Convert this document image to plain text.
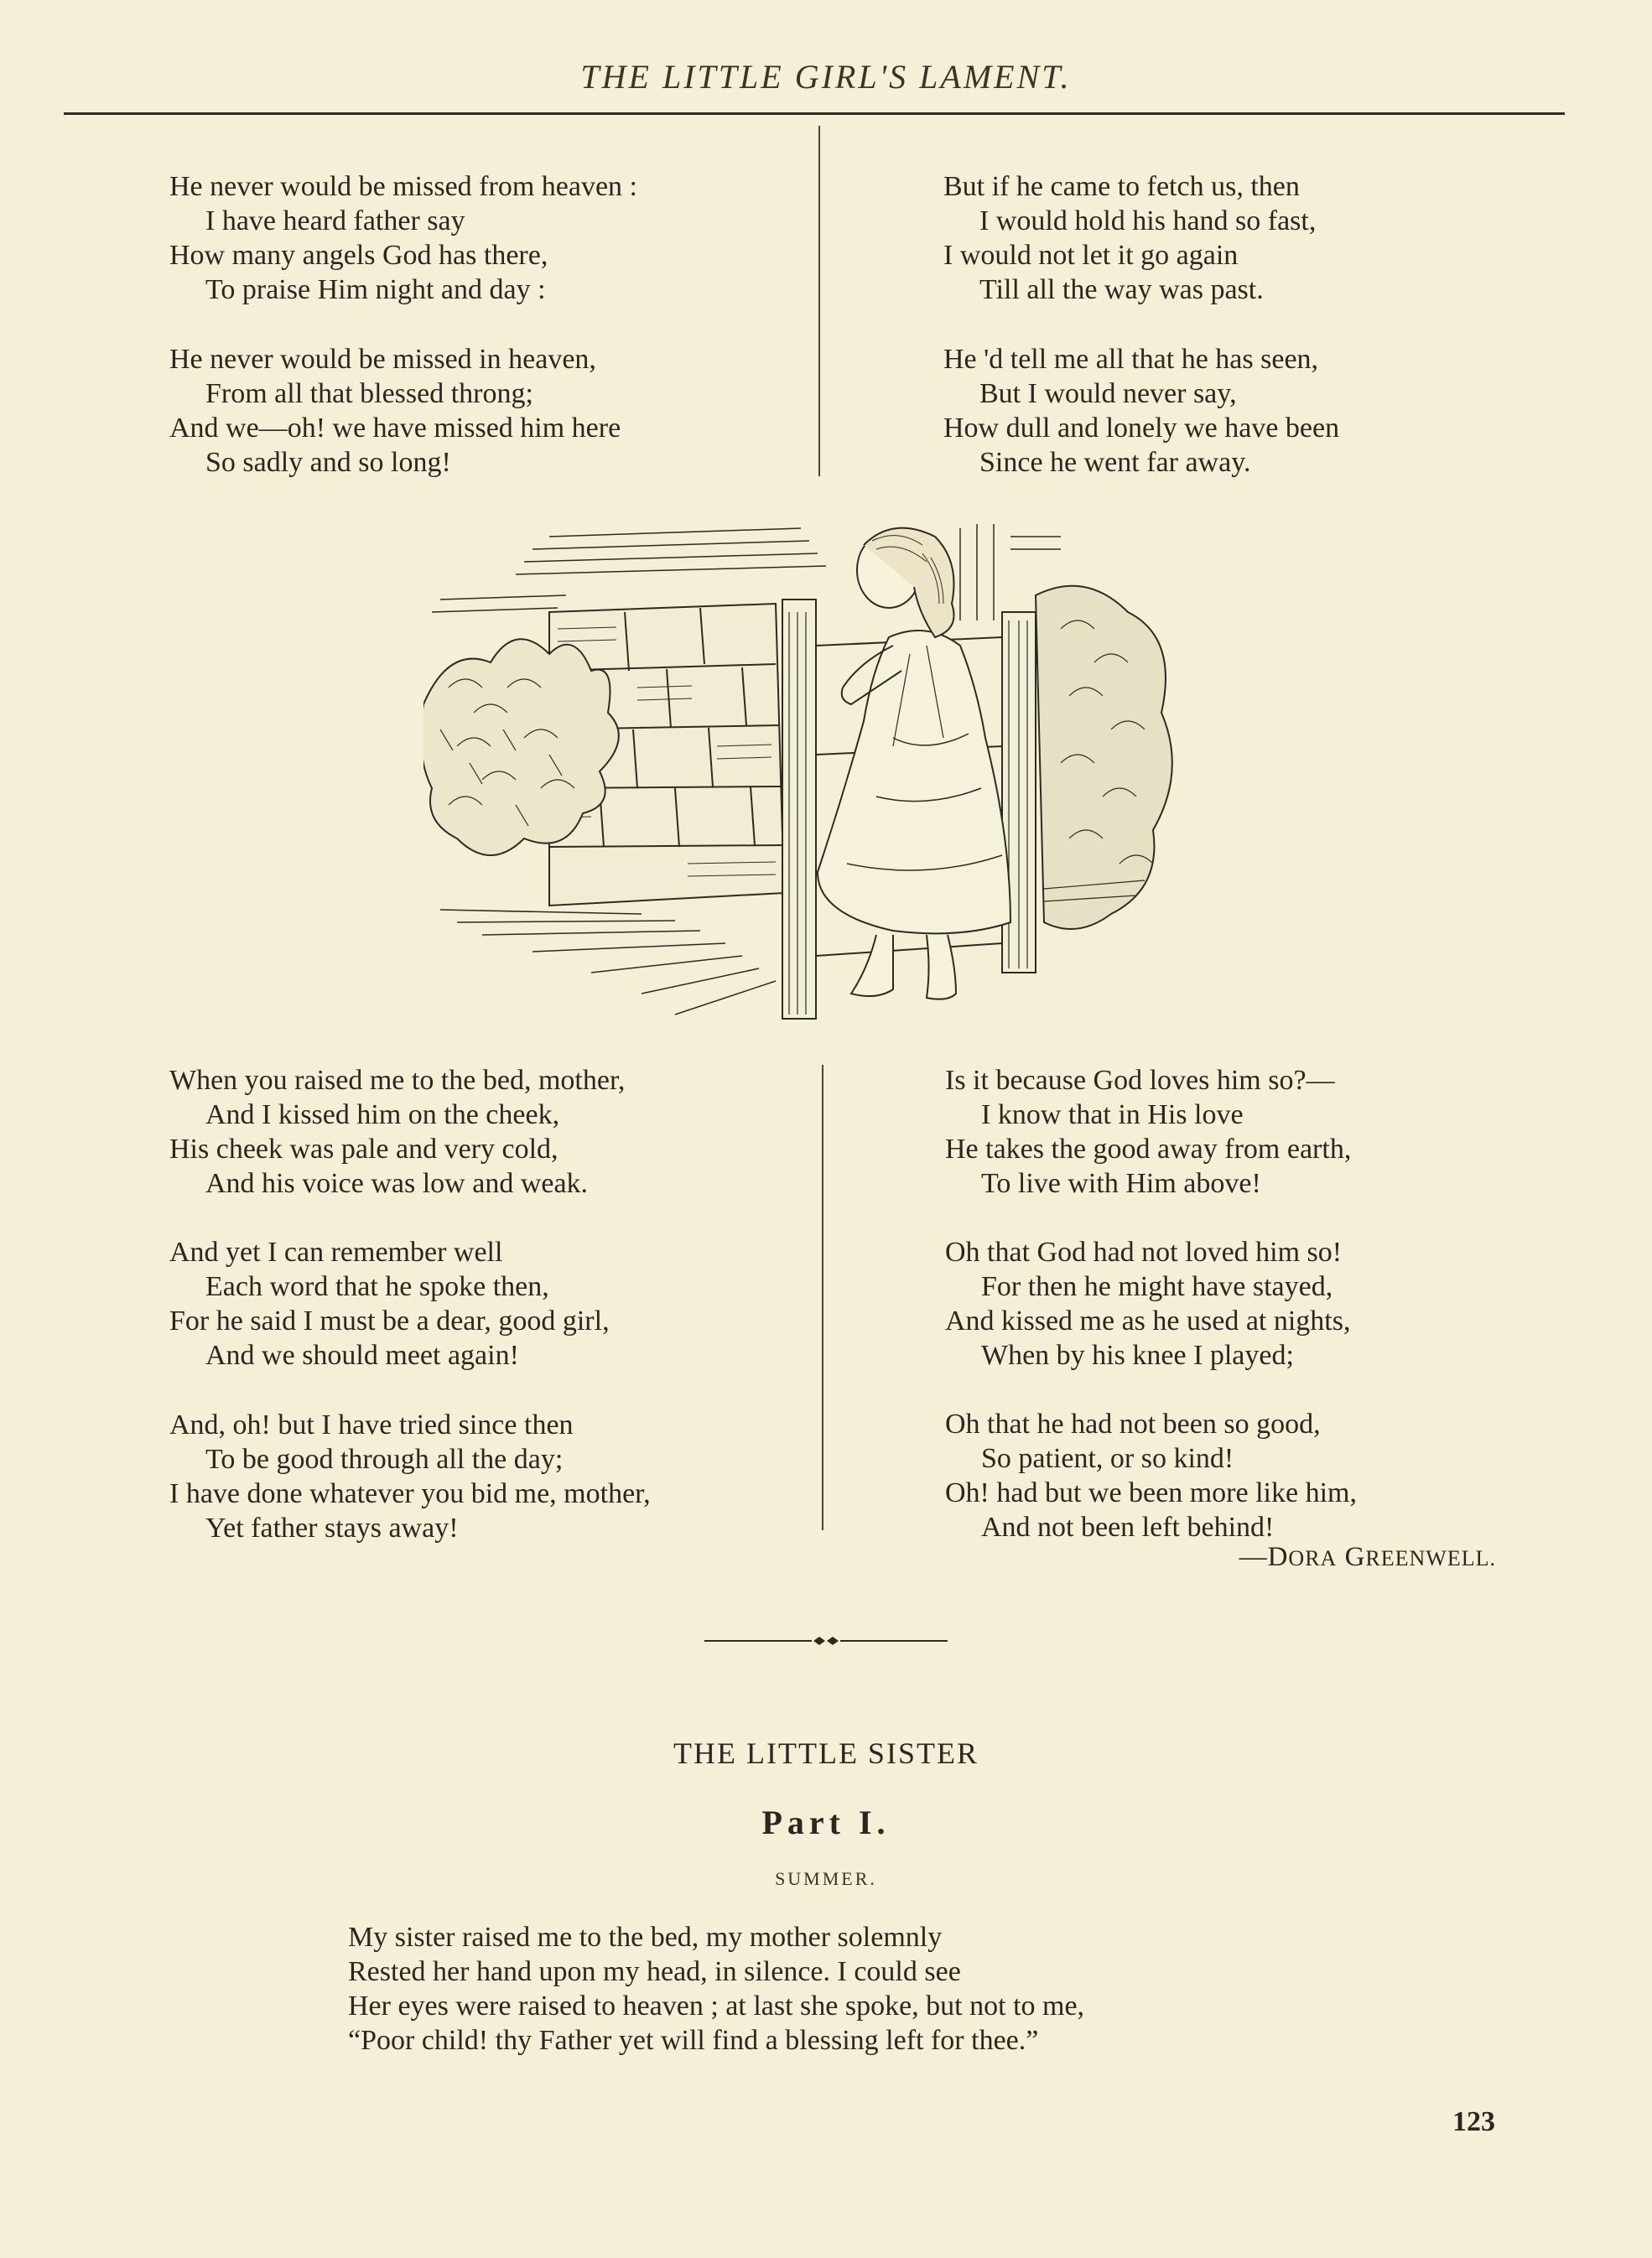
THE LITTLE GIRL'S LAMENT.
He never would be missed from heaven :
I have heard father say
How many angels God has there,
To praise Him night and day :
He never would be missed in heaven,
From all that blessed throng;
And we—oh! we have missed him here
So sadly and so long!
But if he came to fetch us, then
I would hold his hand so fast,
I would not let it go again
Till all the way was past.
He 'd tell me all that he has seen,
But I would never say,
How dull and lonely we have been
Since he went far away.
When you raised me to the bed, mother,
And I kissed him on the cheek,
His cheek was pale and very cold,
And his voice was low and weak.
And yet I can remember well
Each word that he spoke then,
For he said I must be a dear, good girl,
And we should meet again!
And, oh! but I have tried since then
To be good through all the day;
I have done whatever you bid me, mother,
Yet father stays away!
Is it because God loves him so?—
I know that in His love
He takes the good away from earth,
To live with Him above!
Oh that God had not loved him so!
For then he might have stayed,
And kissed me as he used at nights,
When by his knee I played;
Oh that he had not been so good,
So patient, or so kind!
Oh! had but we been more like him,
And not been left behind!
—DORA GREENWELL.
THE LITTLE SISTER
Part I.
SUMMER.
My sister raised me to the bed, my mother solemnly
Rested her hand upon my head, in silence. I could see
Her eyes were raised to heaven ; at last she spoke, but not to me,
“Poor child! thy Father yet will find a blessing left for thee.”
123
